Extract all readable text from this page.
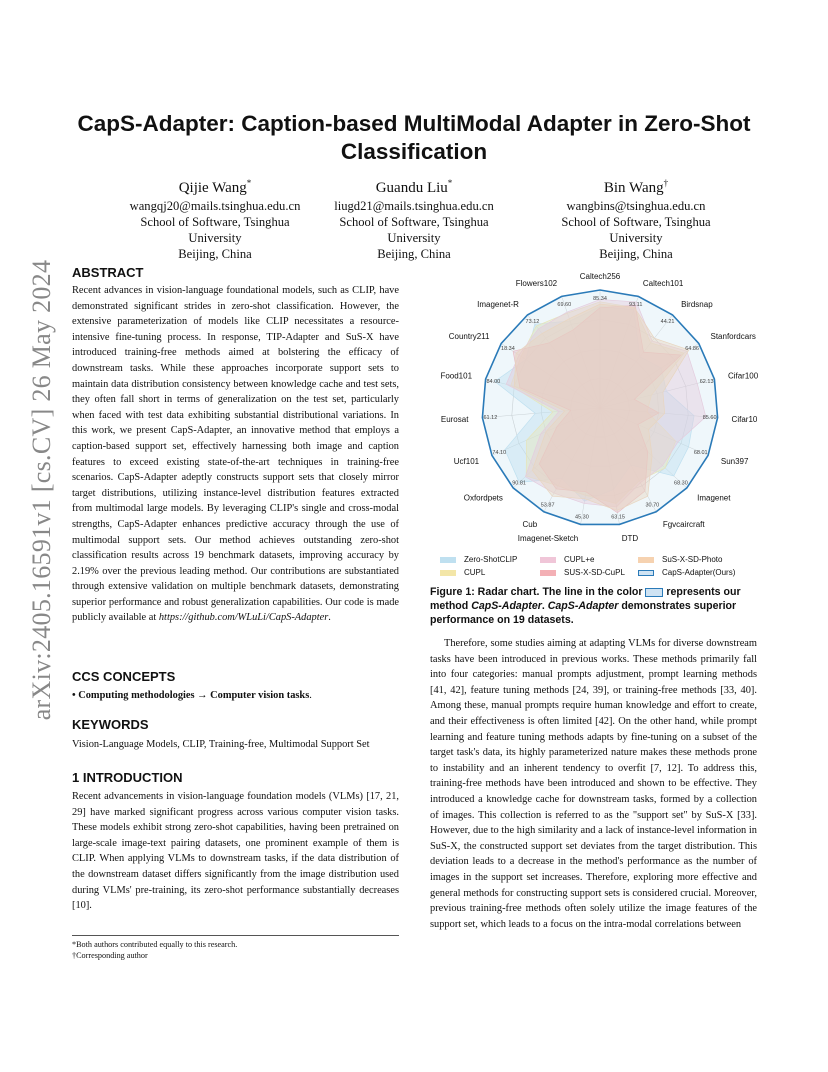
arXiv:2405.16591v1 [cs.CV] 26 May 2024
CapS-Adapter: Caption-based MultiModal Adapter in Zero-Shot Classification
Qijie Wang*
wangqj20@mails.tsinghua.edu.cn
School of Software, Tsinghua
University
Beijing, China
Guandu Liu*
liugd21@mails.tsinghua.edu.cn
School of Software, Tsinghua
University
Beijing, China
Bin Wang†
wangbins@tsinghua.edu.cn
School of Software, Tsinghua
University
Beijing, China
ABSTRACT
Recent advances in vision-language foundational models, such as CLIP, have demonstrated significant strides in zero-shot classification. However, the extensive parameterization of models like CLIP necessitates a resource-intensive fine-tuning process. In response, TIP-Adapter and SuS-X have introduced training-free methods aimed at bolstering the efficacy of downstream tasks. While these approaches incorporate support sets to maintain data distribution consistency between knowledge cache and test sets, they often fall short in terms of generalization on the test set, particularly when faced with test data exhibiting substantial distributional variations. In this work, we present CapS-Adapter, an innovative method that employs a caption-based support set, effectively harnessing both image and caption features to exceed existing state-of-the-art techniques in training-free scenarios. CapS-Adapter adeptly constructs support sets that closely mirror target distributions, utilizing instance-level distribution features extracted from multimodal large models. By leveraging CLIP's single and cross-modal strengths, CapS-Adapter enhances predictive accuracy through the use of multimodal support sets. Our method achieves outstanding zero-shot classification results across 19 benchmark datasets, improving accuracy by 2.19% over the previous leading method. Our contributions are substantiated through extensive validation on multiple benchmark datasets, demonstrating superior performance and robust generalization capabilities. Our code is made publicly available at https://github.com/WLuLi/CapS-Adapter.
CCS CONCEPTS
• Computing methodologies → Computer vision tasks.
KEYWORDS
Vision-Language Models, CLIP, Training-free, Multimodal Support Set
1 INTRODUCTION
Recent advancements in vision-language foundation models (VLMs) [17, 21, 29] have marked significant progress across various computer vision tasks. These models exhibit strong zero-shot capabilities, having been pretrained on large-scale image-text pairing datasets, one prominent example of them is CLIP. When applying VLMs to downstream tasks, if the data distribution of the downstream dataset differs significantly from the image distribution used during VLMs' pre-training, its zero-shot performance substantially decreases [10].
*Both authors contributed equally to this research.
†Corresponding author
Caltech256
85.34
Caltech101
93.11	Birdsnap
44.21
Stanfordcars
64.86
Cifar100
62.13
Cifar10
85.60
Sun397
68.01
Imagenet
68.30
Fgvcaircraft
30.70
DTD
63.15
Imagenet-Sketch
45.30
Cub
53.87
Oxfordpets
90.81
Ucf101
74.10
Eurosat	61.12
Food101
84.00
Country211
18.34
Imagenet-R
73.12
Flowers102
69.60
Zero-ShotCLIP
CUPL
CUPL+e
SUS-X-SD-CuPL
SuS-X-SD-Photo
CapS-Adapter(Ours)
Figure 1: Radar chart. The line in the color  represents our method CapS-Adapter. CapS-Adapter demonstrates superior performance on 19 datasets.
Therefore, some studies aiming at adapting VLMs for diverse downstream tasks have been introduced in previous works. These methods primarily fall into four categories: manual prompts adjustment, prompt learning methods [41, 42], feature tuning methods [24, 39], or training-free methods [33, 40]. Among these, manual prompts require human knowledge and effort to create, and their effectiveness is often limited [42]. On the other hand, while prompt learning and feature tuning methods adapts by fine-tuning on a subset of the target task's data, its highly parameterized nature makes these methods prone to instability and an inherent tendency to overfit [7, 12]. To address this, training-free methods have been introduced and shown to be effective. They introduced a knowledge cache for downstream tasks, formed by a collection of images. This collection is referred to as the "support set" by SuS-X [33]. However, due to the high similarity and a lack of instance-level information in SuS-X, the constructed support set deviates from the target distribution. This deviation leads to a decrease in the method's performance as the number of images in the support set increases. Therefore, exploring more effective and general methods for constructing support sets is considered crucial. Moreover, previous training-free methods often solely utilize the image features of the support set, which leads to a focus on the intra-modal correlations between
